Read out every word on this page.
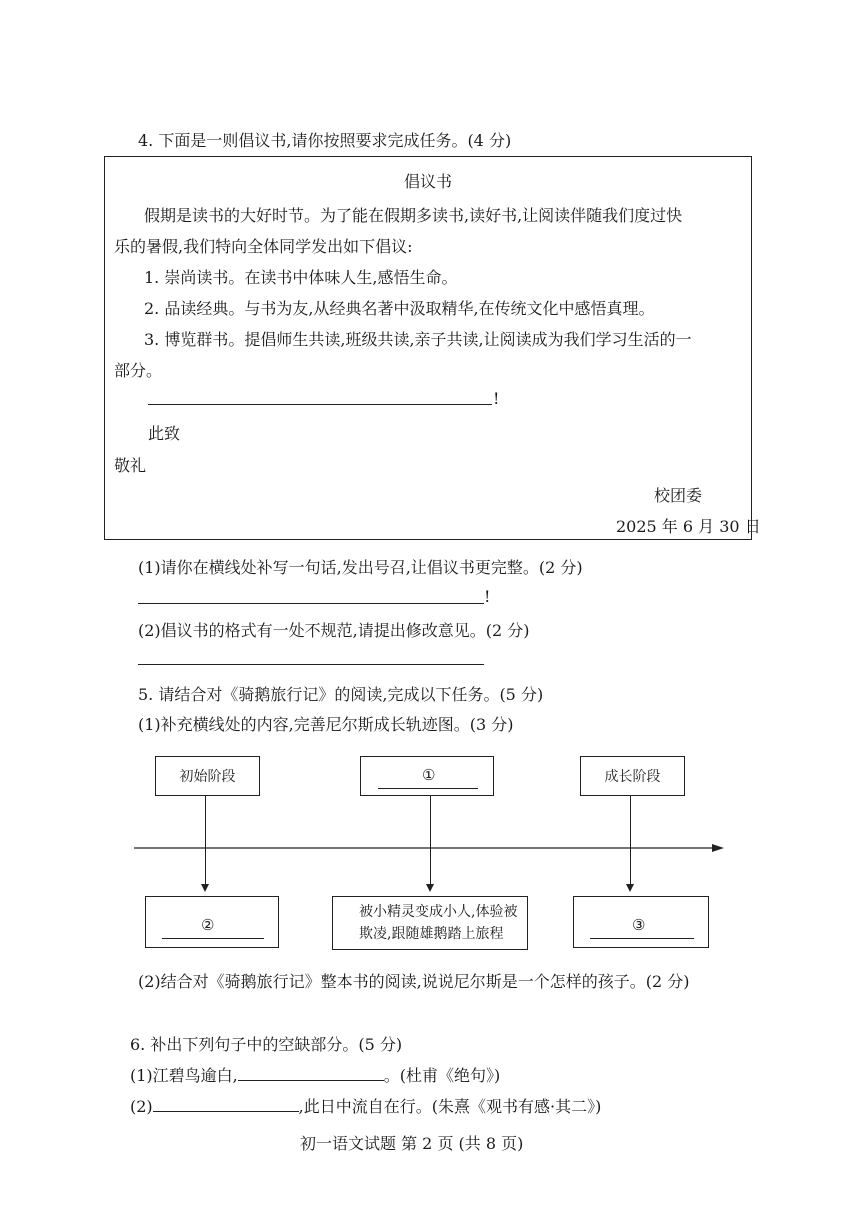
4. 下面是一则倡议书,请你按照要求完成任务。(4 分)
倡议书
假期是读书的大好时节。为了能在假期多读书,读好书,让阅读伴随我们度过快
乐的暑假,我们特向全体同学发出如下倡议:
1. 崇尚读书。在读书中体味人生,感悟生命。
2. 品读经典。与书为友,从经典名著中汲取精华,在传统文化中感悟真理。
3. 博览群书。提倡师生共读,班级共读,亲子共读,让阅读成为我们学习生活的一
部分。
!
此致
敬礼
校团委
2025 年 6 月 30 日
(1)请你在横线处补写一句话,发出号召,让倡议书更完整。(2 分)
!
(2)倡议书的格式有一处不规范,请提出修改意见。(2 分)
5. 请结合对《骑鹅旅行记》的阅读,完成以下任务。(5 分)
(1)补充横线处的内容,完善尼尔斯成长轨迹图。(3 分)
初始阶段	①	成长阶段
②
被小精灵变成小人,体验被
欺凌,跟随雄鹅踏上旅程	③
(2)结合对《骑鹅旅行记》整本书的阅读,说说尼尔斯是一个怎样的孩子。(2 分)
6. 补出下列句子中的空缺部分。(5 分)
(1)江碧鸟逾白,	。(杜甫《绝句》)
(2)	,此日中流自在行。(朱熹《观书有感·其二》)
初一语文试题 第 2 页 (共 8 页)
